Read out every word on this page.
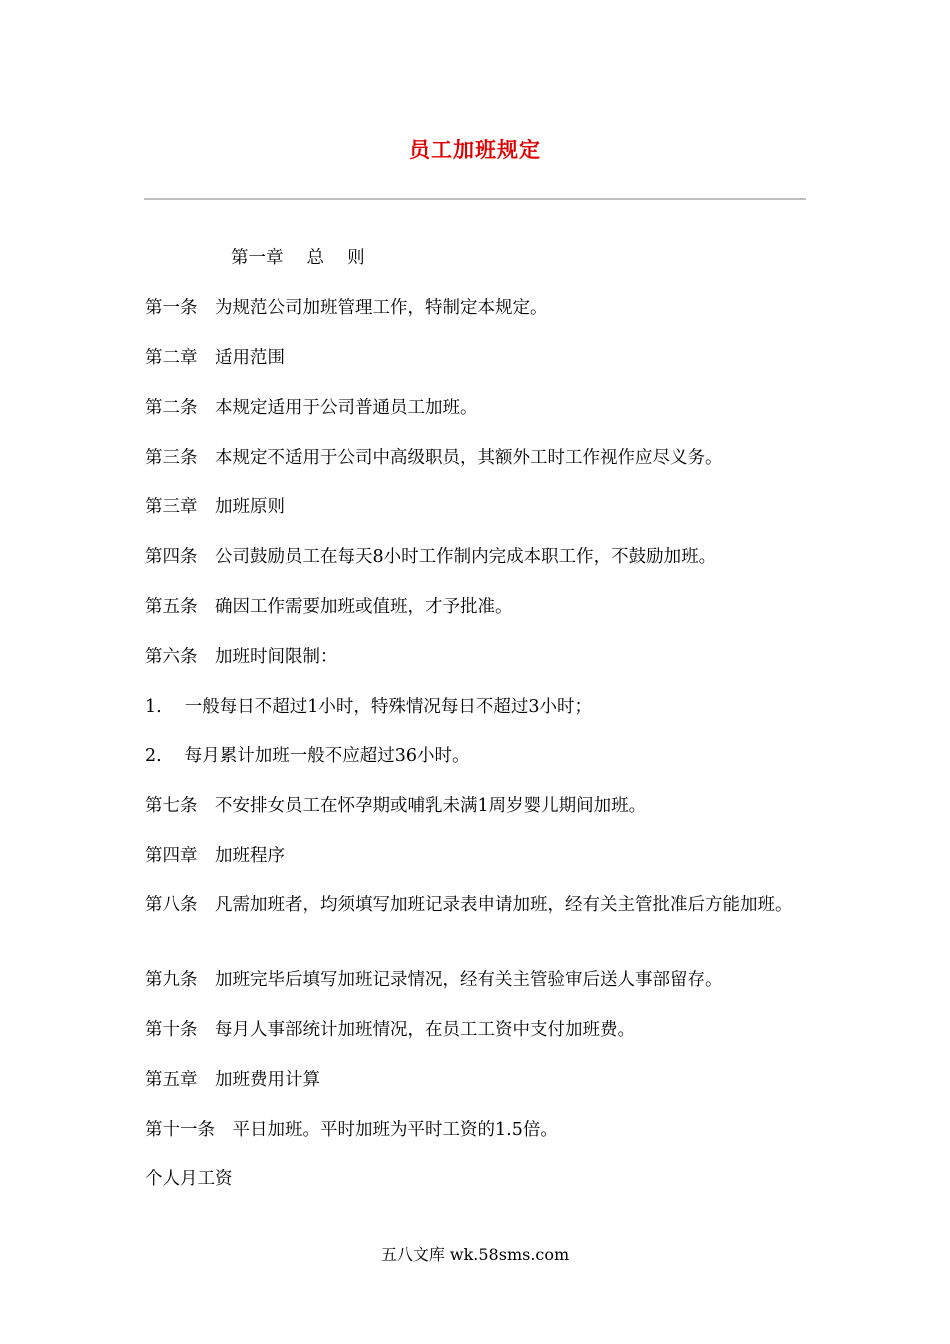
员工加班规定
第一章　 总　 则
第一条　为规范公司加班管理工作，特制定本规定。
第二章　适用范围
第二条　本规定适用于公司普通员工加班。
第三条　本规定不适用于公司中高级职员，其额外工时工作视作应尽义务。
第三章　加班原则
第四条　公司鼓励员工在每天8小时工作制内完成本职工作，不鼓励加班。
第五条　确因工作需要加班或值班，才予批准。
第六条　加班时间限制：
1.　 一般每日不超过1小时，特殊情况每日不超过3小时；
2.　 每月累计加班一般不应超过36小时。
第七条　不安排女员工在怀孕期或哺乳未满1周岁婴儿期间加班。
第四章　加班程序
第八条　凡需加班者，均须填写加班记录表申请加班，经有关主管批准后方能加班。
第九条　加班完毕后填写加班记录情况，经有关主管验审后送人事部留存。
第十条　每月人事部统计加班情况，在员工工资中支付加班费。
第五章　加班费用计算
第十一条　平日加班。平时加班为平时工资的1.5倍。
个人月工资
五八文库 wk.58sms.com
